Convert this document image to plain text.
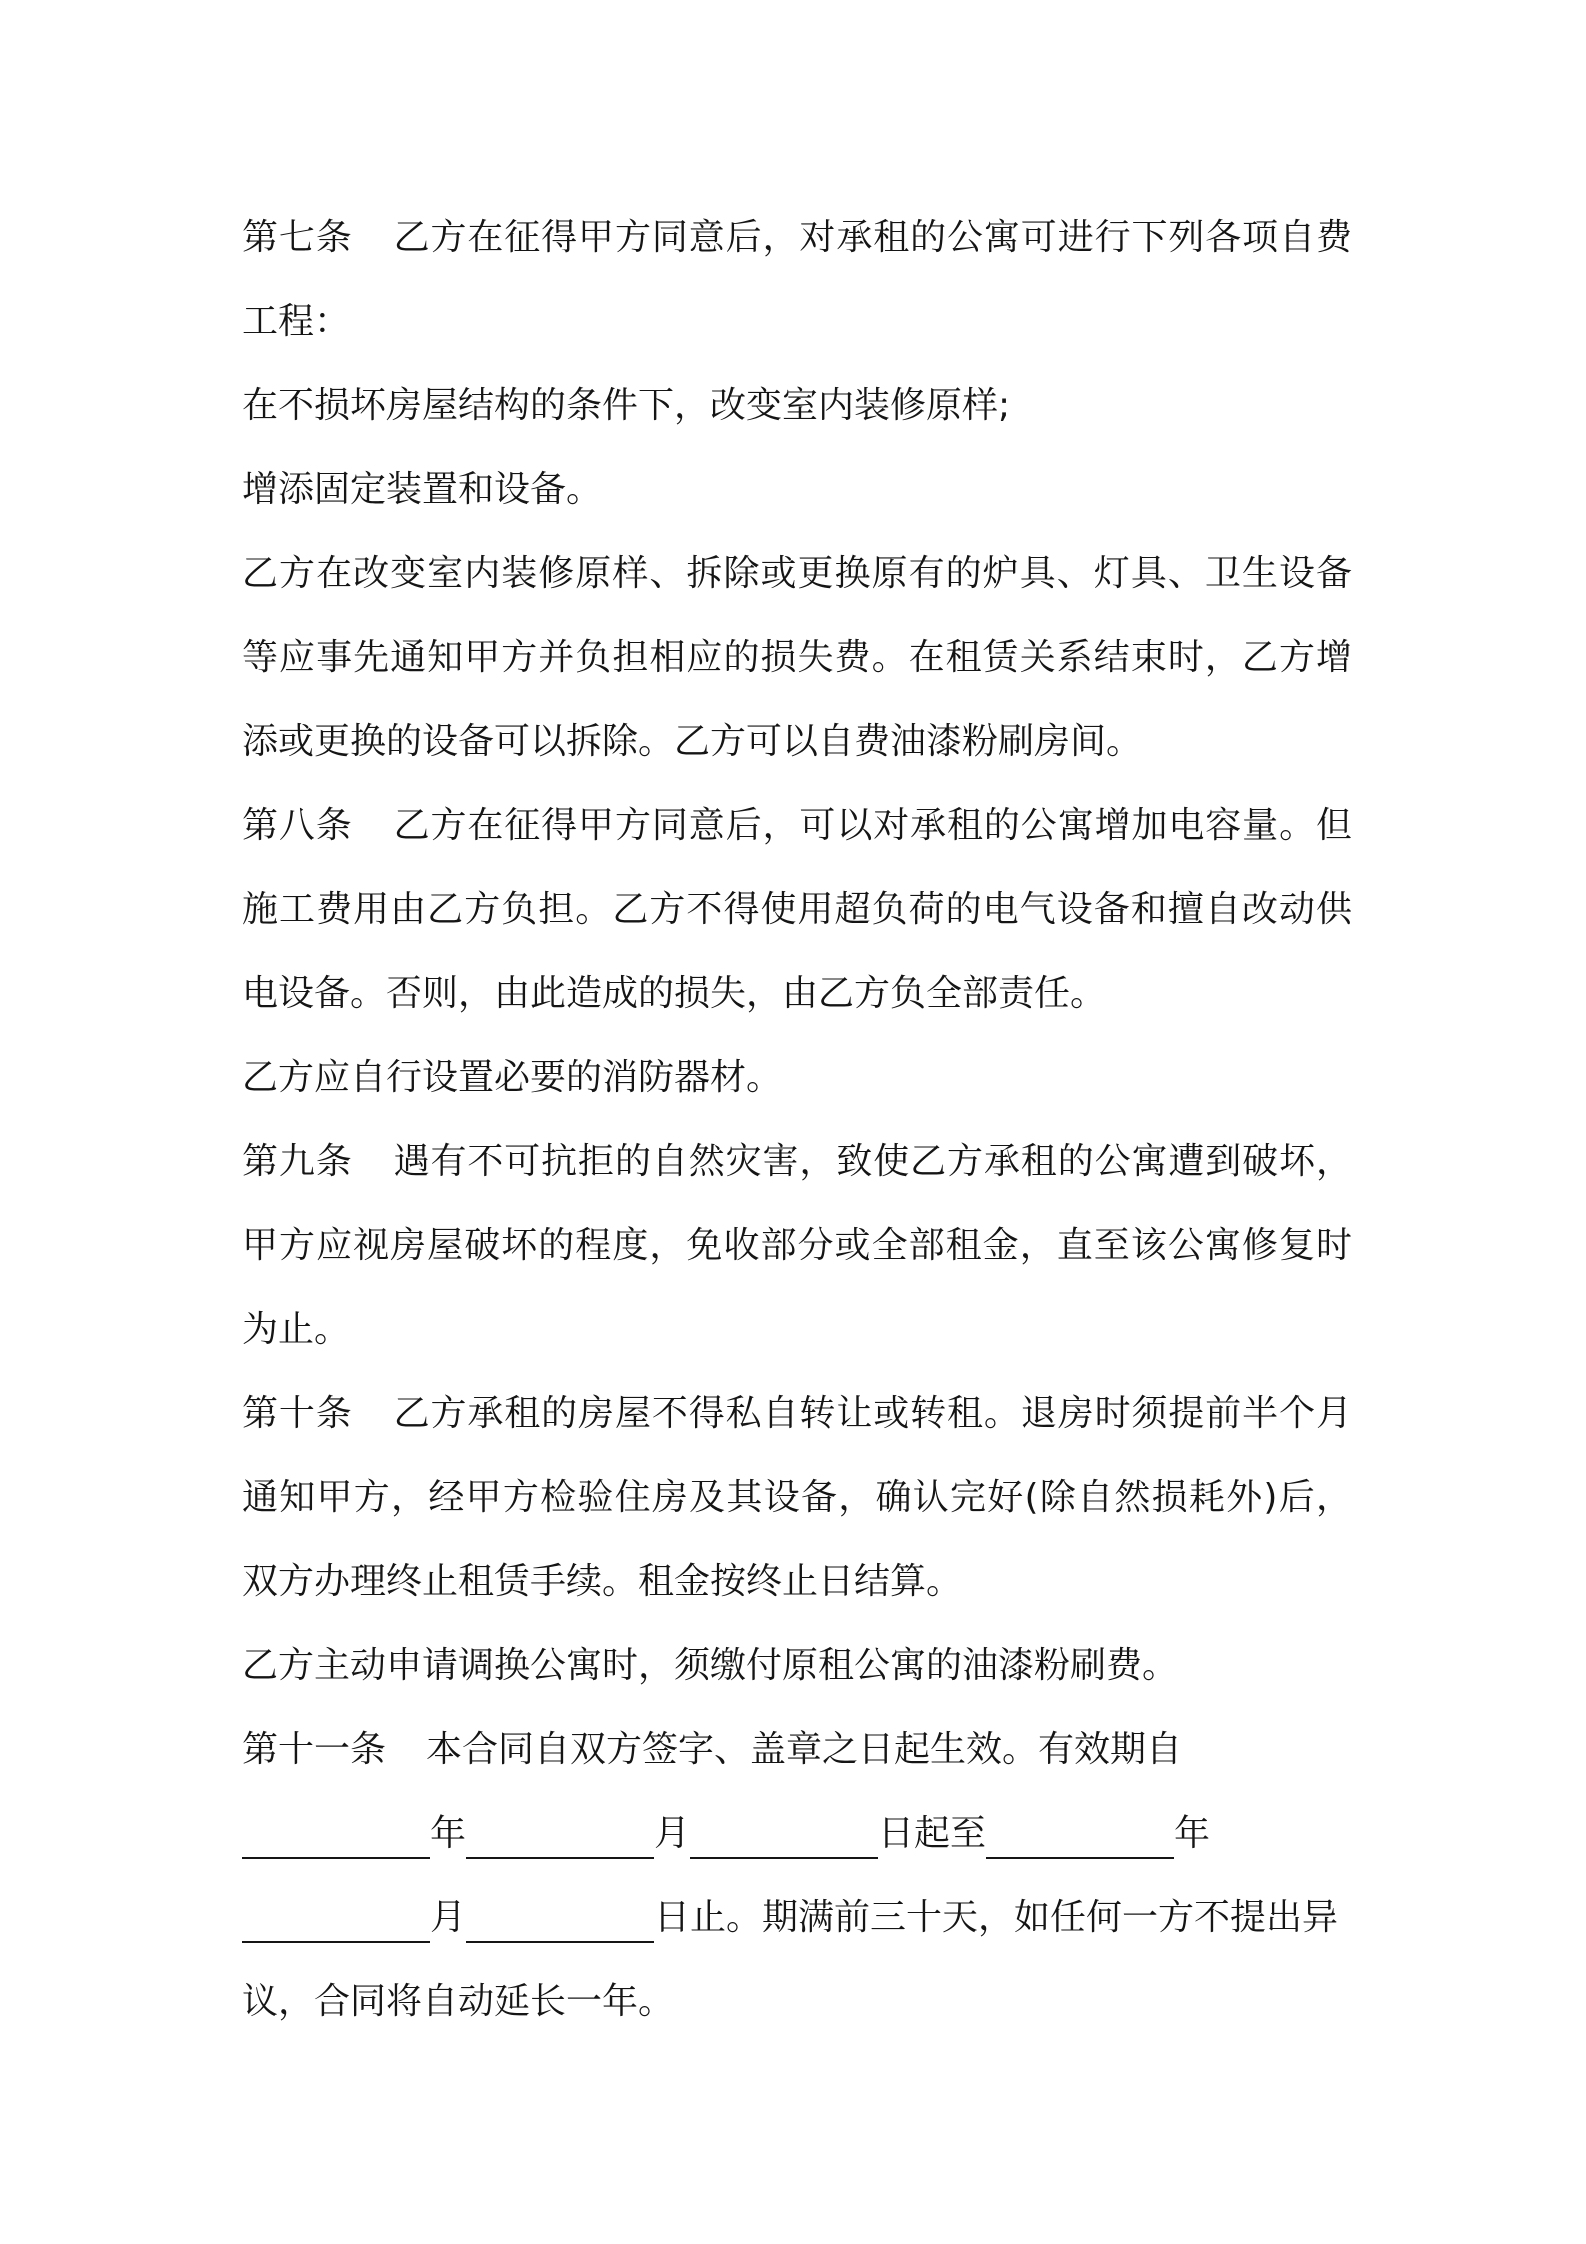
第七条 乙方在征得甲方同意后，对承租的公寓可进行下列各项自费
工程：
在不损坏房屋结构的条件下，改变室内装修原样;
增添固定装置和设备。
乙方在改变室内装修原样、拆除或更换原有的炉具、灯具、卫生设备
等应事先通知甲方并负担相应的损失费。在租赁关系结束时，乙方增
添或更换的设备可以拆除。乙方可以自费油漆粉刷房间。
第八条 乙方在征得甲方同意后，可以对承租的公寓增加电容量。但
施工费用由乙方负担。乙方不得使用超负荷的电气设备和擅自改动供
电设备。否则，由此造成的损失，由乙方负全部责任。
乙方应自行设置必要的消防器材。
第九条 遇有不可抗拒的自然灾害，致使乙方承租的公寓遭到破坏，
甲方应视房屋破坏的程度，免收部分或全部租金，直至该公寓修复时
为止。
第十条 乙方承租的房屋不得私自转让或转租。退房时须提前半个月
通知甲方，经甲方检验住房及其设备，确认完好(除自然损耗外)后，
双方办理终止租赁手续。租金按终止日结算。
乙方主动申请调换公寓时，须缴付原租公寓的油漆粉刷费。
第十一条 本合同自双方签字、盖章之日起生效。有效期自
年	月	日起至	年
月	日止。期满前三十天，如任何一方不提出异
议，合同将自动延长一年。
